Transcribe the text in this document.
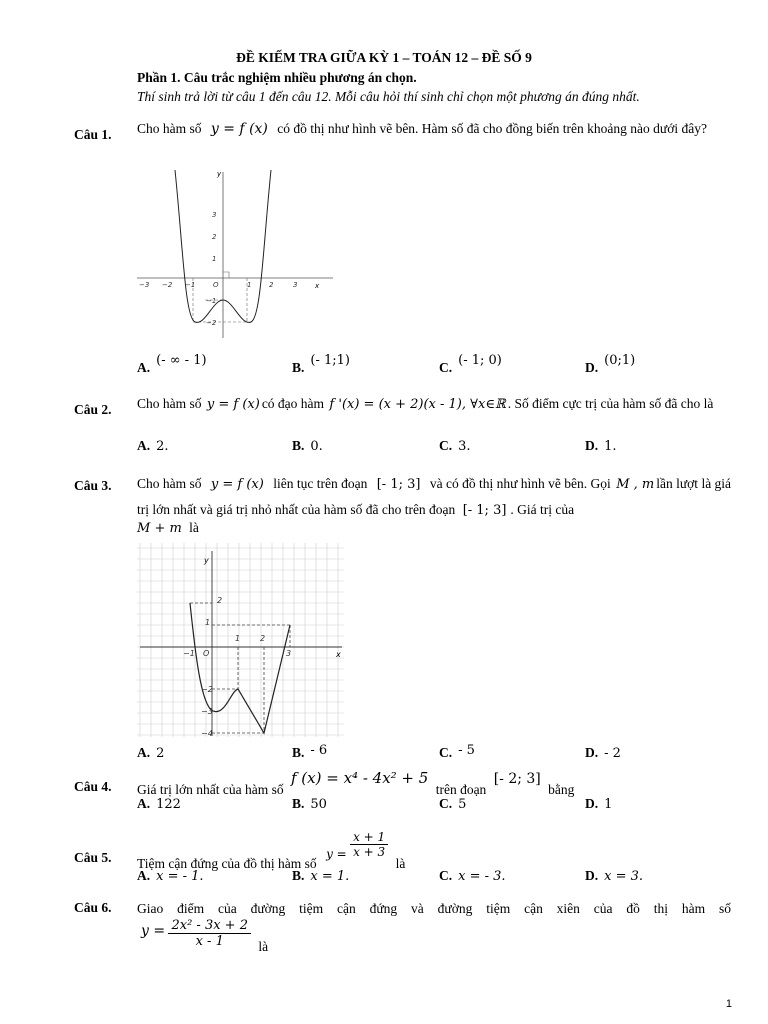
ĐỀ KIẾM TRA GIỮA KỲ 1 – TOÁN 12 – ĐỀ SỐ 9
Phần 1. Câu trắc nghiệm nhiều phương án chọn.
Thí sinh trả lời từ câu 1 đến câu 12. Mỗi câu hỏi thí sinh chỉ chọn một phương án đúng nhất.
Câu 1. Cho hàm số y = f (x) có đồ thị như hình vẽ bên. Hàm số đã cho đồng biến trên khoảng nào dưới đây?
y
x
−3 −2 −1	O	1	2	3
3
2
1
−1
−2
A. (- ∞ - 1)	B. (- 1;1)	C. (- 1; 0)	D. (0;1)
Câu 2. Cho hàm số y = f (x) có đạo hàm f '(x) = (x + 2)(x - 1), ∀x∈ℝ . Số điểm cực trị của hàm số đã cho là
A. 2.	B. 0.	C. 3.	D. 1.
Câu 3. Cho hàm số y = f (x) liên tục trên đoạn [- 1; 3] và có đồ thị như hình vẽ bên. Gọi M , m lần lượt là giá trị lớn nhất và giá trị nhỏ nhất của hàm số đã cho trên đoạn [- 1; 3] . Giá trị của
M + m là
y
x
−1 O
1 2
3
2
1
−2
−3
−4
A. 2	B. - 6	C. - 5	D. - 2
Câu 4. Giá trị lớn nhất của hàm số f (x) = x⁴ - 4x² + 5 trên đoạn [- 2; 3] bằng
A. 122	B. 50	C. 5	D. 1
Câu 5. Tiệm cận đứng của đồ thị hàm số $y = \frac{x + 1}{x + 3}$
là
A. x = - 1.	B. x = 1.	C. x = - 3.	D. x = 3.
Câu 6. Giao điểm của đường tiệm cận đứng và đường tiệm cận xiên của đồ thị hàm số
$y = \frac{\text{2x² - 3x + 2}}{x - 1}$ là
1
